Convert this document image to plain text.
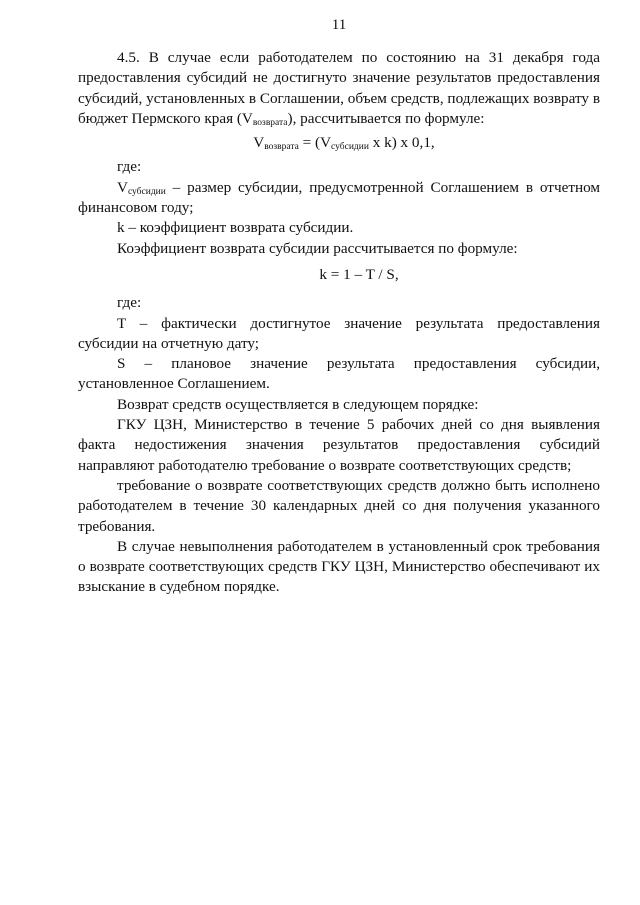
11

4.5. В случае если работодателем по состоянию на 31 декабря года предоставления субсидий не достигнуто значение результатов предоставления субсидий, установленных в Соглашении, объем средств, подлежащих возврату в бюджет Пермского края $(V_{возврата})$, рассчитывается по формуле:

$V_{возврата} = (V_{субсидии}$ x k) x 0,1,

где:

$V_{субсидии}$ – размер субсидии, предусмотренной Соглашением в отчетном финансовом году;

k – коэффициент возврата субсидии.

Коэффициент возврата субсидии рассчитывается по формуле:

k = 1 – T / S,

где:

T – фактически достигнутое значение результата предоставления субсидии на отчетную дату;

S – плановое значение результата предоставления субсидии, установленное Соглашением.

Возврат средств осуществляется в следующем порядке:

ГКУ ЦЗН, Министерство в течение 5 рабочих дней со дня выявления факта недостижения значения результатов предоставления субсидий направляют работодателю требование о возврате соответствующих средств;

требование о возврате соответствующих средств должно быть исполнено работодателем в течение 30 календарных дней со дня получения указанного требования.

В случае невыполнения работодателем в установленный срок требования о возврате соответствующих средств ГКУ ЦЗН, Министерство обеспечивают их взыскание в судебном порядке.
